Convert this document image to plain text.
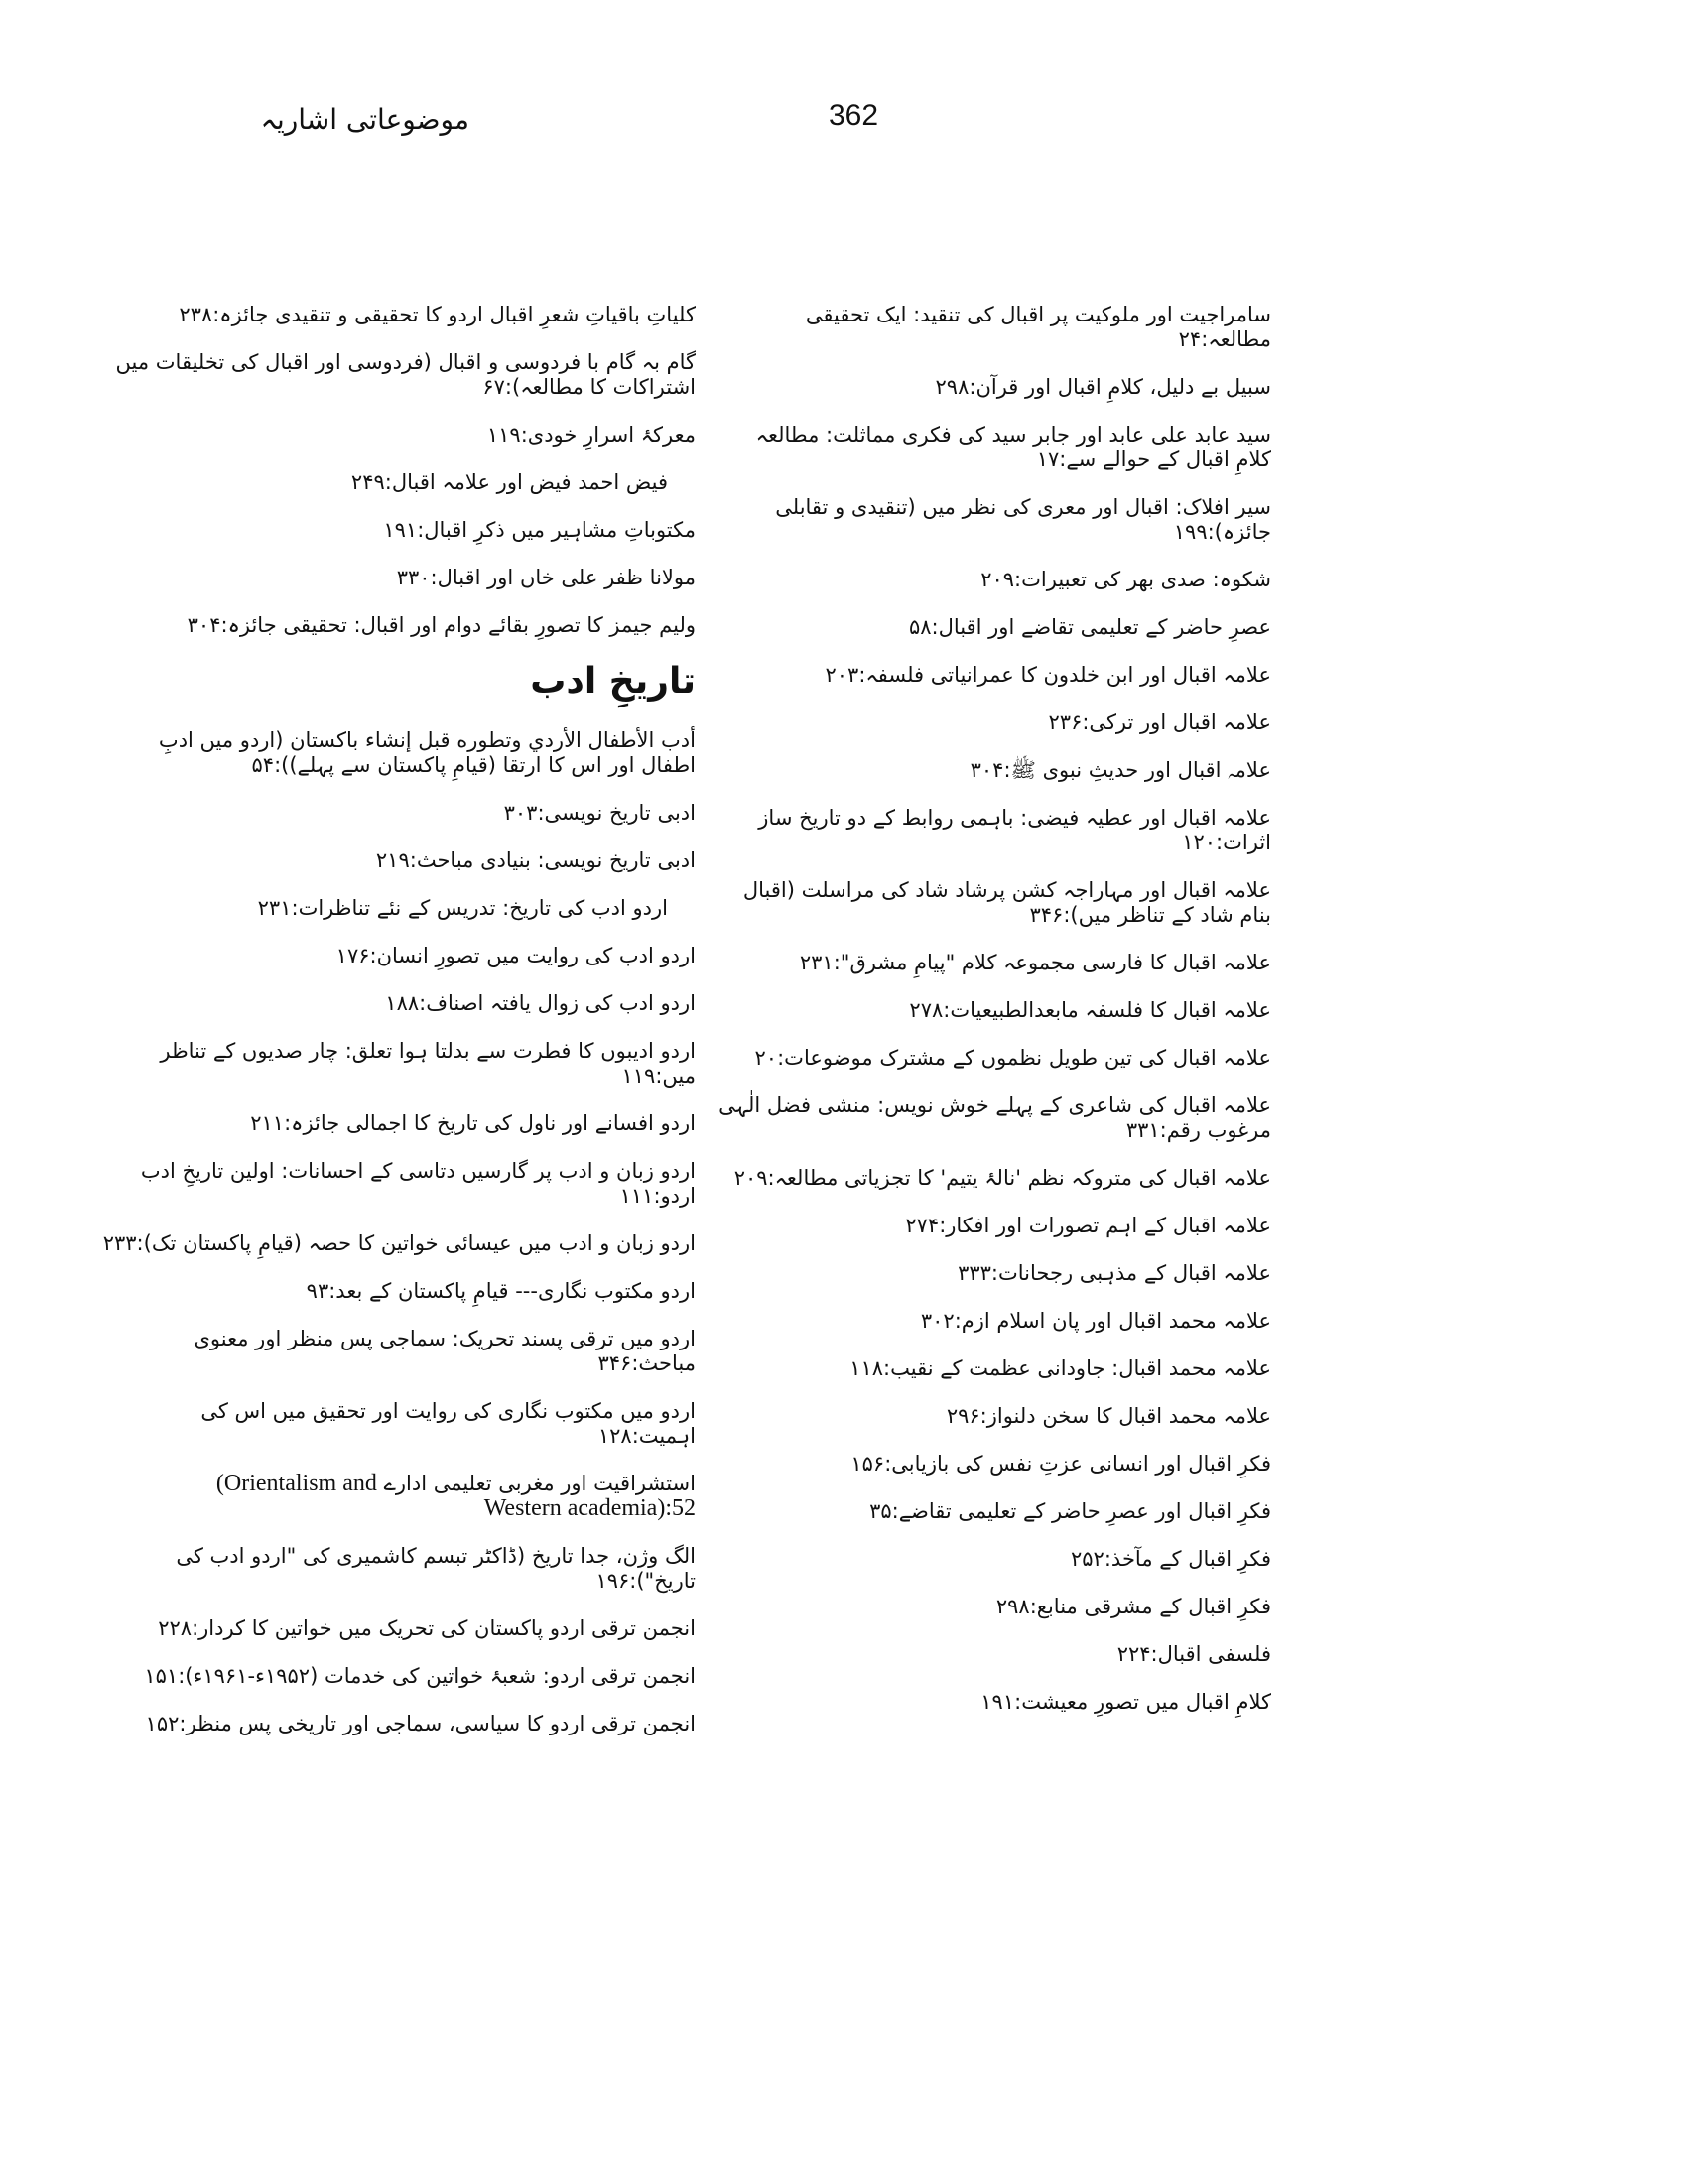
موضوعاتی اشاریہ	362
سامراجیت اور ملوکیت پر اقبال کی تنقید: ایک تحقیقی مطالعہ:۲۴
سبیل بے دلیل، کلامِ اقبال اور قرآن:۲۹۸
سید عابد علی عابد اور جابر سید کی فکری مماثلت: مطالعہ کلامِ اقبال کے حوالے سے:۱۷
سیر افلاک: اقبال اور معری کی نظر میں (تنقیدی و تقابلی جائزہ):۱۹۹
شکوہ: صدی بھر کی تعبیرات:۲۰۹
عصرِ حاضر کے تعلیمی تقاضے اور اقبال:۵۸
علامہ اقبال اور ابن خلدون کا عمرانیاتی فلسفہ:۲۰۳
علامہ اقبال اور ترکی:۲۳۶
علامہ اقبال اور حدیثِ نبوی ﷺ:۳۰۴
علامہ اقبال اور عطیہ فیضی: باہمی روابط کے دو تاریخ ساز اثرات:۱۲۰
علامہ اقبال اور مہاراجہ کشن پرشاد شاد کی مراسلت (اقبال بنام شاد کے تناظر میں):۳۴۶
علامہ اقبال کا فارسی مجموعہ کلام "پیامِ مشرق":۲۳۱
علامہ اقبال کا فلسفہ مابعدالطبیعیات:۲۷۸
علامہ اقبال کی تین طویل نظموں کے مشترک موضوعات:۲۰
علامہ اقبال کی شاعری کے پہلے خوش نویس: منشی فضل الٰہی مرغوب رقم:۳۳۱
علامہ اقبال کی متروکہ نظم 'نالۂ یتیم' کا تجزیاتی مطالعہ:۲۰۹
علامہ اقبال کے اہم تصورات اور افکار:۲۷۴
علامہ اقبال کے مذہبی رجحانات:۳۳۳
علامہ محمد اقبال اور پان اسلام ازم:۳۰۲
علامہ محمد اقبال: جاودانی عظمت کے نقیب:۱۱۸
علامہ محمد اقبال کا سخن دلنواز:۲۹۶
فکرِ اقبال اور انسانی عزتِ نفس کی بازیابی:۱۵۶
فکرِ اقبال اور عصرِ حاضر کے تعلیمی تقاضے:۳۵
فکرِ اقبال کے مآخذ:۲۵۲
فکرِ اقبال کے مشرقی منابع:۲۹۸
فلسفی اقبال:۲۲۴
کلامِ اقبال میں تصورِ معیشت:۱۹۱
کلیاتِ باقیاتِ شعرِ اقبال اردو کا تحقیقی و تنقیدی جائزہ:۲۳۸
گام بہ گام با فردوسی و اقبال (فردوسی اور اقبال کی تخلیقات میں اشتراکات کا مطالعہ):۶۷
معرکۂ اسرارِ خودی:۱۱۹
فیض احمد فیض اور علامہ اقبال:۲۴۹
مکتوباتِ مشاہیر میں ذکرِ اقبال:۱۹۱
مولانا ظفر علی خاں اور اقبال:۳۳۰
ولیم جیمز کا تصورِ بقائے دوام اور اقبال: تحقیقی جائزہ:۳۰۴
تاریخِ ادب
أدب الأطفال الأردي وتطوره قبل إنشاء باكستان (اردو میں ادبِ اطفال اور اس کا ارتقا (قیامِ پاکستان سے پہلے)):۵۴
ادبی تاریخ نویسی:۳۰۳
ادبی تاریخ نویسی: بنیادی مباحث:۲۱۹
اردو ادب کی تاریخ: تدریس کے نئے تناظرات:۲۳۱
اردو ادب کی روایت میں تصورِ انسان:۱۷۶
اردو ادب کی زوال یافتہ اصناف:۱۸۸
اردو ادیبوں کا فطرت سے بدلتا ہوا تعلق: چار صدیوں کے تناظر میں:۱۱۹
اردو افسانے اور ناول کی تاریخ کا اجمالی جائزہ:۲۱۱
اردو زبان و ادب پر گارسیں دتاسی کے احسانات: اولین تاریخِ ادب اردو:۱۱۱
اردو زبان و ادب میں عیسائی خواتین کا حصہ (قیامِ پاکستان تک):۲۳۳
اردو مکتوب نگاری--- قیامِ پاکستان کے بعد:۹۳
اردو میں ترقی پسند تحریک: سماجی پس منظر اور معنوی مباحث:۳۴۶
اردو میں مکتوب نگاری کی روایت اور تحقیق میں اس کی اہمیت:۱۲۸
استشراقیت اور مغربی تعلیمی ادارے (Orientalism and
Western academia):52
الگ وژن، جدا تاریخ (ڈاکٹر تبسم کاشمیری کی "اردو ادب کی تاریخ"):۱۹۶
انجمن ترقی اردو پاکستان کی تحریک میں خواتین کا کردار:۲۲۸
انجمن ترقی اردو: شعبۂ خواتین کی خدمات (۱۹۵۲ء-۱۹۶۱ء):۱۵۱
انجمن ترقی اردو کا سیاسی، سماجی اور تاریخی پس منظر:۱۵۲
